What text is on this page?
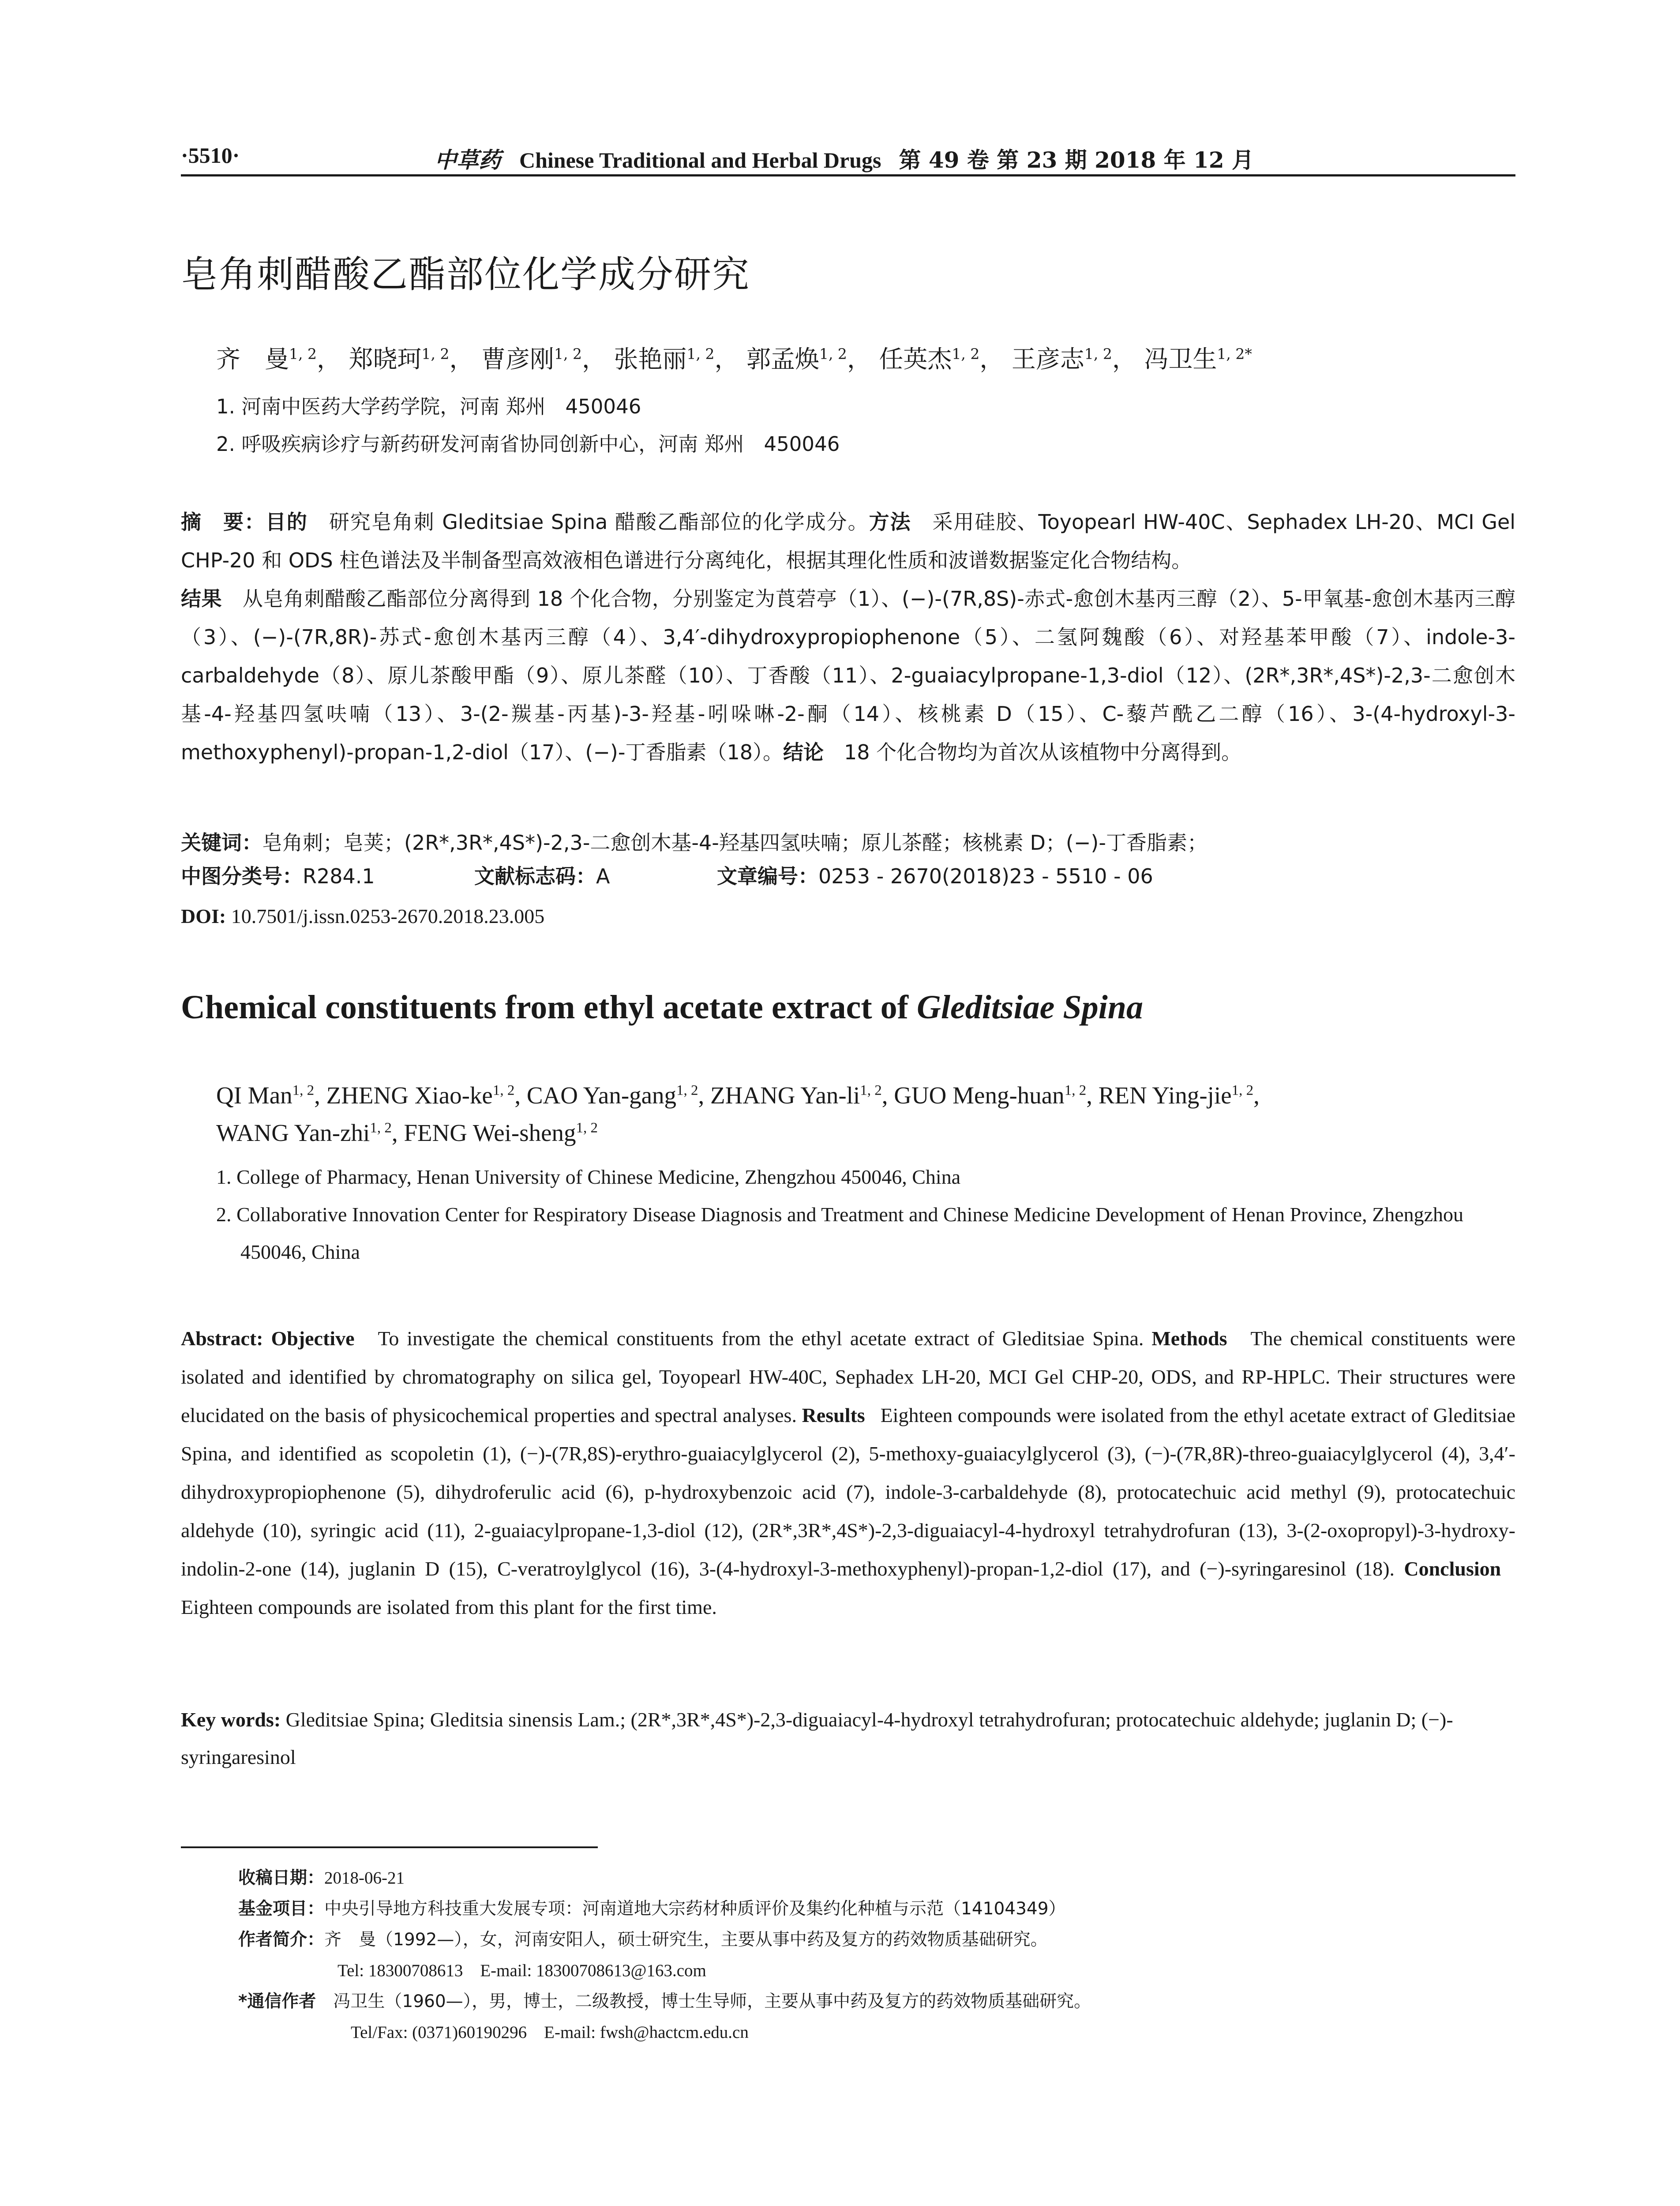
·5510·	中草药 Chinese Traditional and Herbal Drugs 第 49 卷 第 23 期 2018 年 12 月
皂角刺醋酸乙酯部位化学成分研究
齐　曼$^{1, 2}$， 郑晓珂$^{1, 2}$， 曹彦刚$^{1, 2}$， 张艳丽$^{1, 2}$， 郭孟焕$^{1, 2}$， 任英杰$^{1, 2}$， 王彦志$^{1, 2}$， 冯卫生$^{1, 2*}$
1. 河南中医药大学药学院，河南 郑州　450046
2. 呼吸疾病诊疗与新药研发河南省协同创新中心，河南 郑州　450046
摘　要：目的　 研究皂角刺 Gleditsiae Spina 醋酸乙酯部位的化学成分。方法　 采用硅胶、Toyopearl HW-40C、Sephadex LH-20、MCI Gel CHP-20 和 ODS 柱色谱法及半制备型高效液相色谱进行分离纯化，根据其理化性质和波谱数据鉴定化合物结构。
结果　 从皂角刺醋酸乙酯部位分离得到 18 个化合物，分别鉴定为莨菪亭（1）、(−)-(7R,8S)-赤式-愈创木基丙三醇（2）、5-甲氧基-愈创木基丙三醇（3）、(−)-(7R,8R)-苏式-愈创木基丙三醇（4）、3,4′-dihydroxypropiophenone（5）、二氢阿魏酸（6）、对羟基苯甲酸（7）、indole-3-carbaldehyde（8）、原儿茶酸甲酯（9）、原儿茶醛（10）、丁香酸（11）、2-guaiacylpropane-1,3-diol（12）、(2R*,3R*,4S*)-2,3-二愈创木基-4-羟基四氢呋喃（13）、3-(2-羰基-丙基)-3-羟基-吲哚啉-2-酮（14）、核桃素 D（15）、C-藜芦酰乙二醇（16）、3-(4-hydroxyl-3-methoxyphenyl)-propan-1,2-diol（17）、(−)-丁香脂素（18）。结论　 18 个化合物均为首次从该植物中分离得到。
关键词：皂角刺；皂荚；(2R*,3R*,4S*)-2,3-二愈创木基-4-羟基四氢呋喃；原儿茶醛；核桃素 D；(−)-丁香脂素；
中图分类号：R284.1	文献标志码：A	文章编号：0253 - 2670(2018)23 - 5510 - 06
DOI: 10.7501/j.issn.0253-2670.2018.23.005
Chemical constituents from ethyl acetate extract of Gleditsiae Spina
QI Man$^{1, 2}$, ZHENG Xiao-ke$^{1, 2}$, CAO Yan-gang$^{1, 2}$, ZHANG Yan-li$^{1, 2}$, GUO Meng-huan$^{1, 2}$, REN Ying-jie$^{1, 2}$,
WANG Yan-zhi$^{1, 2}$, FENG Wei-sheng$^{1, 2}$
1. College of Pharmacy, Henan University of Chinese Medicine, Zhengzhou 450046, China
2. Collaborative Innovation Center for Respiratory Disease Diagnosis and Treatment and Chinese Medicine Development of Henan Province, Zhengzhou 450046, China
Abstract: Objective To investigate the chemical constituents from the ethyl acetate extract of Gleditsiae Spina. Methods The chemical constituents were isolated and identified by chromatography on silica gel, Toyopearl HW-40C, Sephadex LH-20, MCI Gel CHP-20, ODS, and RP-HPLC. Their structures were elucidated on the basis of physicochemical properties and spectral analyses. Results Eighteen compounds were isolated from the ethyl acetate extract of Gleditsiae Spina, and identified as scopoletin (1), (−)-(7R,8S)-erythro-guaiacylglycerol (2), 5-methoxy-guaiacylglycerol (3), (−)-(7R,8R)-threo-guaiacylglycerol (4), 3,4′-dihydroxypropiophenone (5), dihydroferulic acid (6), p-hydroxybenzoic acid (7), indole-3-carbaldehyde (8), protocatechuic acid methyl (9), protocatechuic aldehyde (10), syringic acid (11), 2-guaiacylpropane-1,3-diol (12), (2R*,3R*,4S*)-2,3-diguaiacyl-4-hydroxyl tetrahydrofuran (13), 3-(2-oxopropyl)-3-hydroxy-indolin-2-one (14), juglanin D (15), C-veratroylglycol (16), 3-(4-hydroxyl-3-methoxyphenyl)-propan-1,2-diol (17), and (−)-syringaresinol (18). Conclusion   Eighteen compounds are isolated from this plant for the first time.
Key words: Gleditsiae Spina; Gleditsia sinensis Lam.; (2R*,3R*,4S*)-2,3-diguaiacyl-4-hydroxyl tetrahydrofuran; protocatechuic aldehyde; juglanin D; (−)-syringaresinol
收稿日期：2018-06-21
基金项目：中央引导地方科技重大发展专项：河南道地大宗药材种质评价及集约化种植与示范（14104349）
作者简介：齐　曼（1992—），女，河南安阳人，硕士研究生，主要从事中药及复方的药效物质基础研究。
Tel: 18300708613　E-mail: 18300708613@163.com
*通信作者　 冯卫生（1960—），男，博士，二级教授，博士生导师，主要从事中药及复方的药效物质基础研究。
Tel/Fax: (0371)60190296　E-mail: fwsh@hactcm.edu.cn
